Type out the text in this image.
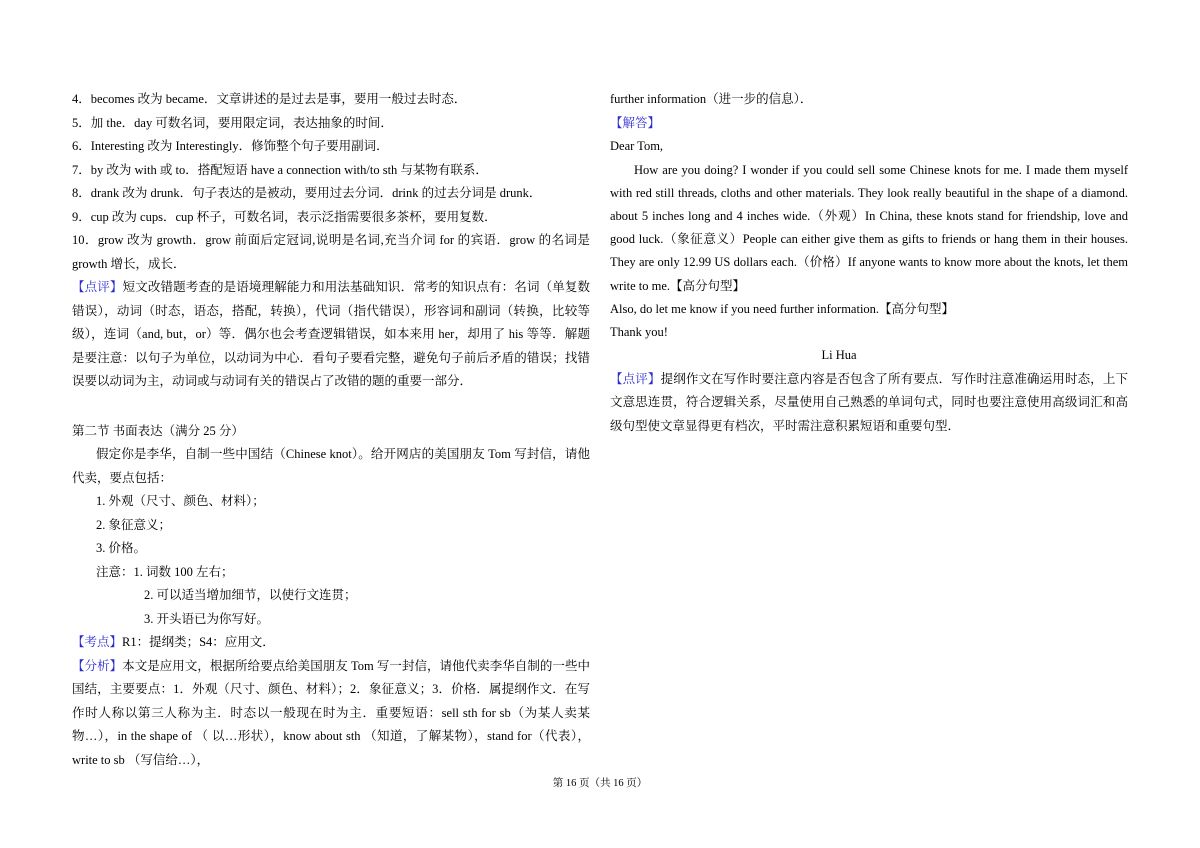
4．becomes 改为 became．文章讲述的是过去是事，要用一般过去时态．
5．加 the．day 可数名词，要用限定词，表达抽象的时间．
6．Interesting 改为 Interestingly．修饰整个句子要用副词．
7．by 改为 with 或 to．搭配短语 have a connection with/to sth 与某物有联系．
8．drank 改为 drunk．句子表达的是被动，要用过去分词．drink 的过去分词是 drunk．
9．cup 改为 cups．cup 杯子，可数名词，表示泛指需要很多茶杯，要用复数．
10．grow 改为 growth．grow 前面后定冠词,说明是名词,充当介词 for 的宾语．grow 的名词是 growth 增长，成长．
【点评】短文改错题考查的是语境理解能力和用法基础知识．常考的知识点有：名词（单复数错误），动词（时态，语态，搭配，转换），代词（指代错误），形容词和副词（转换，比较等级），连词（and, but，or）等．偶尔也会考查逻辑错误，如本来用 her，却用了 his 等等．解题是要注意：以句子为单位，以动词为中心．看句子要看完整，避免句子前后矛盾的错误；找错误要以动词为主，动词或与动词有关的错误占了改错的题的重要一部分．
第二节 书面表达（满分 25 分）
假定你是李华，自制一些中国结（Chinese knot）。给开网店的美国朋友 Tom 写封信，请他代卖，要点包括：
1. 外观（尺寸、颜色、材料）；
2. 象征意义；
3. 价格。
注意：1. 词数 100 左右；
2. 可以适当增加细节，以使行文连贯；
3. 开头语已为你写好。
【考点】R1：提纲类；S4：应用文．
【分析】本文是应用文，根据所给要点给美国朋友 Tom 写一封信，请他代卖李华自制的一些中国结，主要要点：1．外观（尺寸、颜色、材料）；2．象征意义；3．价格．属提纲作文．在写作时人称以第三人称为主．时态以一般现在时为主．重要短语：sell sth for sb（为某人卖某物…），in the shape of （ 以…形状），know about sth （知道，了解某物），stand for（代表），write to sb （写信给…），
further information（进一步的信息）．
【解答】
Dear Tom,
How are you doing? I wonder if you could sell some Chinese knots for me. I made them myself with red still threads, cloths and other materials. They look really beautiful in the shape of a diamond. about 5 inches long and 4 inches wide.（外观）In China, these knots stand for friendship, love and good luck.（象征意义）People can either give them as gifts to friends or hang them in their houses. They are only 12.99 US dollars each.（价格）If anyone wants to know more about the knots, let them write to me.【高分句型】
Also, do let me know if you need further information.【高分句型】
Thank you!
Li Hua
【点评】提纲作文在写作时要注意内容是否包含了所有要点．写作时注意准确运用时态，上下文意思连贯，符合逻辑关系，尽量使用自己熟悉的单词句式，同时也要注意使用高级词汇和高级句型使文章显得更有档次，平时需注意积累短语和重要句型．
第 16 页（共 16 页）
